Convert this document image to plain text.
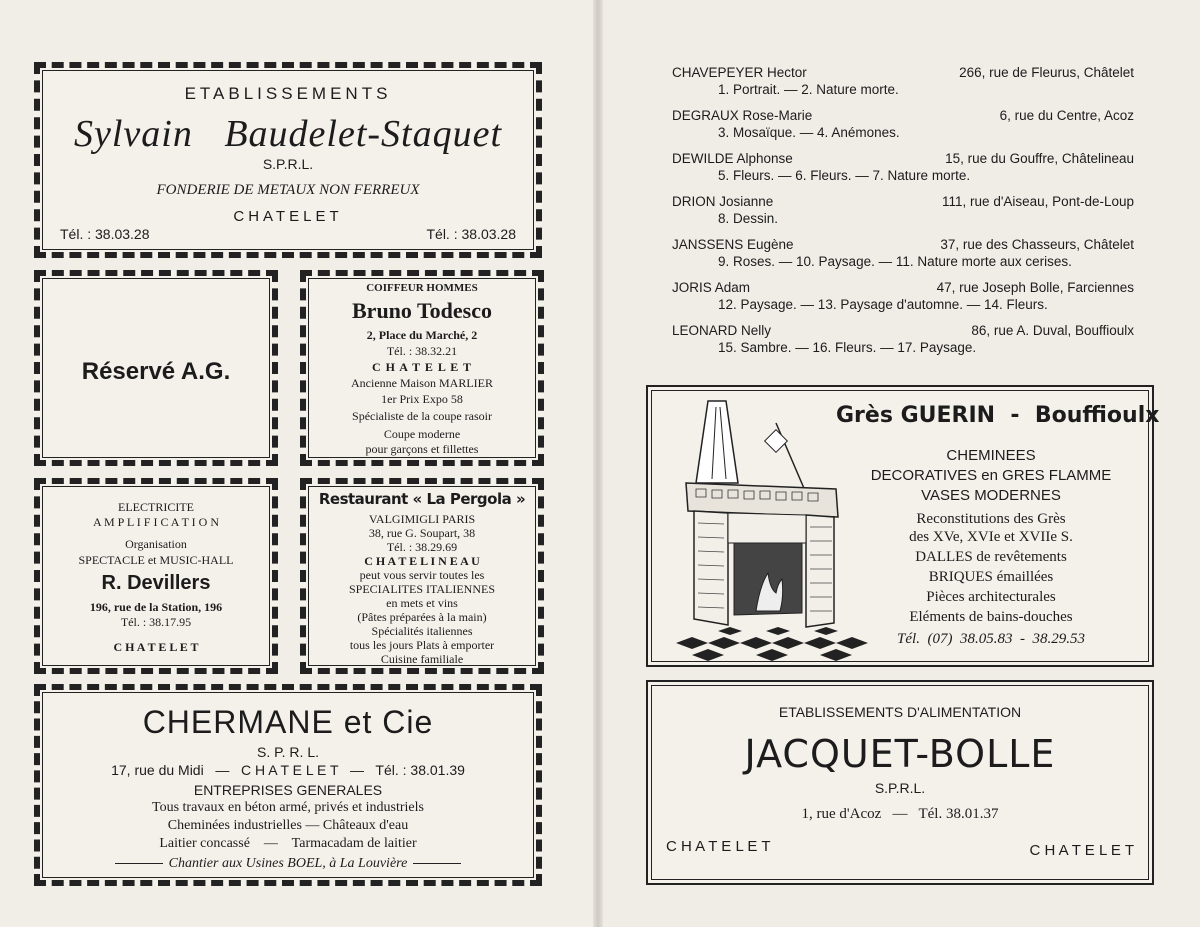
ETABLISSEMENTS
Sylvain   Baudelet-Staquet
S.P.R.L.
FONDERIE DE METAUX NON FERREUX
CHATELET
Tél. : 38.03.28	Tél. : 38.03.28
Réservé A.G.
COIFFEUR HOMMES
Bruno Todesco
2, Place du Marché, 2
Tél. : 38.32.21
C H A T E L E T
Ancienne Maison MARLIER
1er Prix Expo 58
Spécialiste de la coupe rasoir
Coupe moderne
pour garçons et fillettes
ELECTRICITE
A M P L I F I C A T I O N
Organisation
SPECTACLE et MUSIC-HALL
R. Devillers
196, rue de la Station, 196
Tél. : 38.17.95
C H A T E L E T
Restaurant « La Pergola »
VALGIMIGLI PARIS
38, rue G. Soupart, 38
Tél. : 38.29.69
C H A T E L I N E A U
peut vous servir toutes les
SPECIALITES ITALIENNES
en mets et vins
(Pâtes préparées à la main)
Spécialités italiennes
tous les jours Plats à emporter
Cuisine familiale
CHERMANE et Cie
S. P. R. L.
17, rue du Midi   —   C H A T E L E T   —   Tél. : 38.01.39
ENTREPRISES GENERALES
Tous travaux en béton armé, privés et industriels
Cheminées industrielles — Châteaux d'eau
Laitier concassé    —    Tarmacadam de laitier
Chantier aux Usines BOEL, à La Louvière
CHAVEPEYER Hector	266, rue de Fleurus, Châtelet
1. Portrait. — 2. Nature morte.
DEGRAUX Rose-Marie	6, rue du Centre, Acoz
3. Mosaïque. — 4. Anémones.
DEWILDE Alphonse	15, rue du Gouffre, Châtelineau
5. Fleurs. — 6. Fleurs. — 7. Nature morte.
DRION Josianne	111, rue d'Aiseau, Pont-de-Loup
8. Dessin.
JANSSENS Eugène	37, rue des Chasseurs, Châtelet
9. Roses. — 10. Paysage. — 11. Nature morte aux cerises.
JORIS Adam	47, rue Joseph Bolle, Farciennes
12. Paysage. — 13. Paysage d'automne. — 14. Fleurs.
LEONARD Nelly	86, rue A. Duval, Bouffioulx
15. Sambre. — 16. Fleurs. — 17. Paysage.
Grès GUERIN  -  Bouffioulx
CHEMINEES
DECORATIVES en GRES FLAMME
VASES MODERNES
Reconstitutions des Grès
des XVe, XVIe et XVIIe S.
DALLES de revêtements
BRIQUES émaillées
Pièces architecturales
Eléments de bains-douches
Tél.  (07)  38.05.83  -  38.29.53
ETABLISSEMENTS D'ALIMENTATION
JACQUET-BOLLE
S.P.R.L.
1, rue d'Acoz   —   Tél. 38.01.37
C H A T E L E T	C H A T E L E T
